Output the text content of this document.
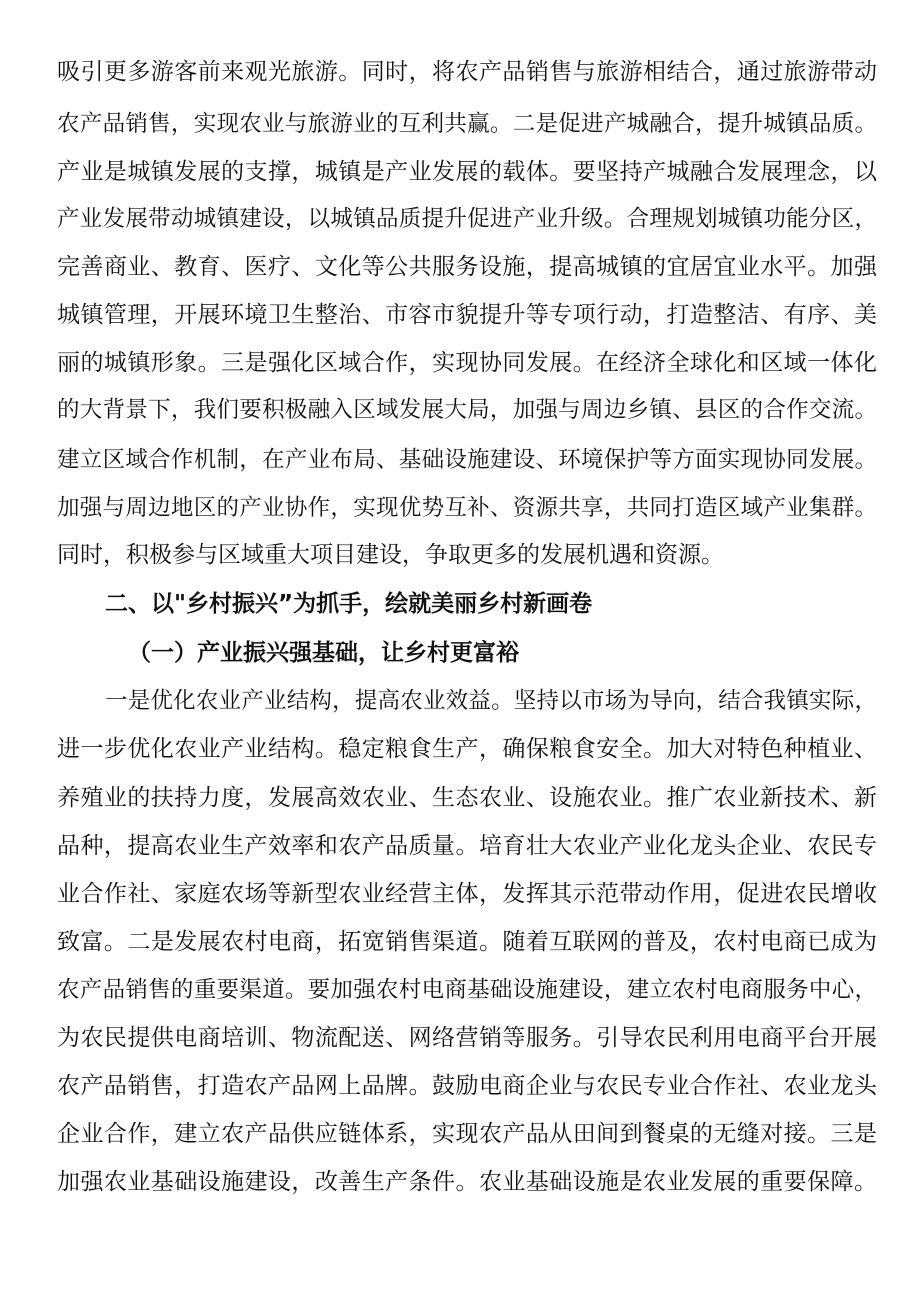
吸引更多游客前来观光旅游。同时，将农产品销售与旅游相结合，通过旅游带动
农产品销售，实现农业与旅游业的互利共赢。二是促进产城融合，提升城镇品质。
产业是城镇发展的支撑，城镇是产业发展的载体。要坚持产城融合发展理念，以
产业发展带动城镇建设，以城镇品质提升促进产业升级。合理规划城镇功能分区，
完善商业、教育、医疗、文化等公共服务设施，提高城镇的宜居宜业水平。加强
城镇管理，开展环境卫生整治、市容市貌提升等专项行动，打造整洁、有序、美
丽的城镇形象。三是强化区域合作，实现协同发展。在经济全球化和区域一体化
的大背景下，我们要积极融入区域发展大局，加强与周边乡镇、县区的合作交流。
建立区域合作机制，在产业布局、基础设施建设、环境保护等方面实现协同发展。
加强与周边地区的产业协作，实现优势互补、资源共享，共同打造区域产业集群。
同时，积极参与区域重大项目建设，争取更多的发展机遇和资源。
二、以"乡村振兴”为抓手，绘就美丽乡村新画卷
（一）产业振兴强基础，让乡村更富裕
一是优化农业产业结构，提高农业效益。坚持以市场为导向，结合我镇实际，
进一步优化农业产业结构。稳定粮食生产，确保粮食安全。加大对特色种植业、
养殖业的扶持力度，发展高效农业、生态农业、设施农业。推广农业新技术、新
品种，提高农业生产效率和农产品质量。培育壮大农业产业化龙头企业、农民专
业合作社、家庭农场等新型农业经营主体，发挥其示范带动作用，促进农民增收
致富。二是发展农村电商，拓宽销售渠道。随着互联网的普及，农村电商已成为
农产品销售的重要渠道。要加强农村电商基础设施建设，建立农村电商服务中心，
为农民提供电商培训、物流配送、网络营销等服务。引导农民利用电商平台开展
农产品销售，打造农产品网上品牌。鼓励电商企业与农民专业合作社、农业龙头
企业合作，建立农产品供应链体系，实现农产品从田间到餐桌的无缝对接。三是
加强农业基础设施建设，改善生产条件。农业基础设施是农业发展的重要保障。
